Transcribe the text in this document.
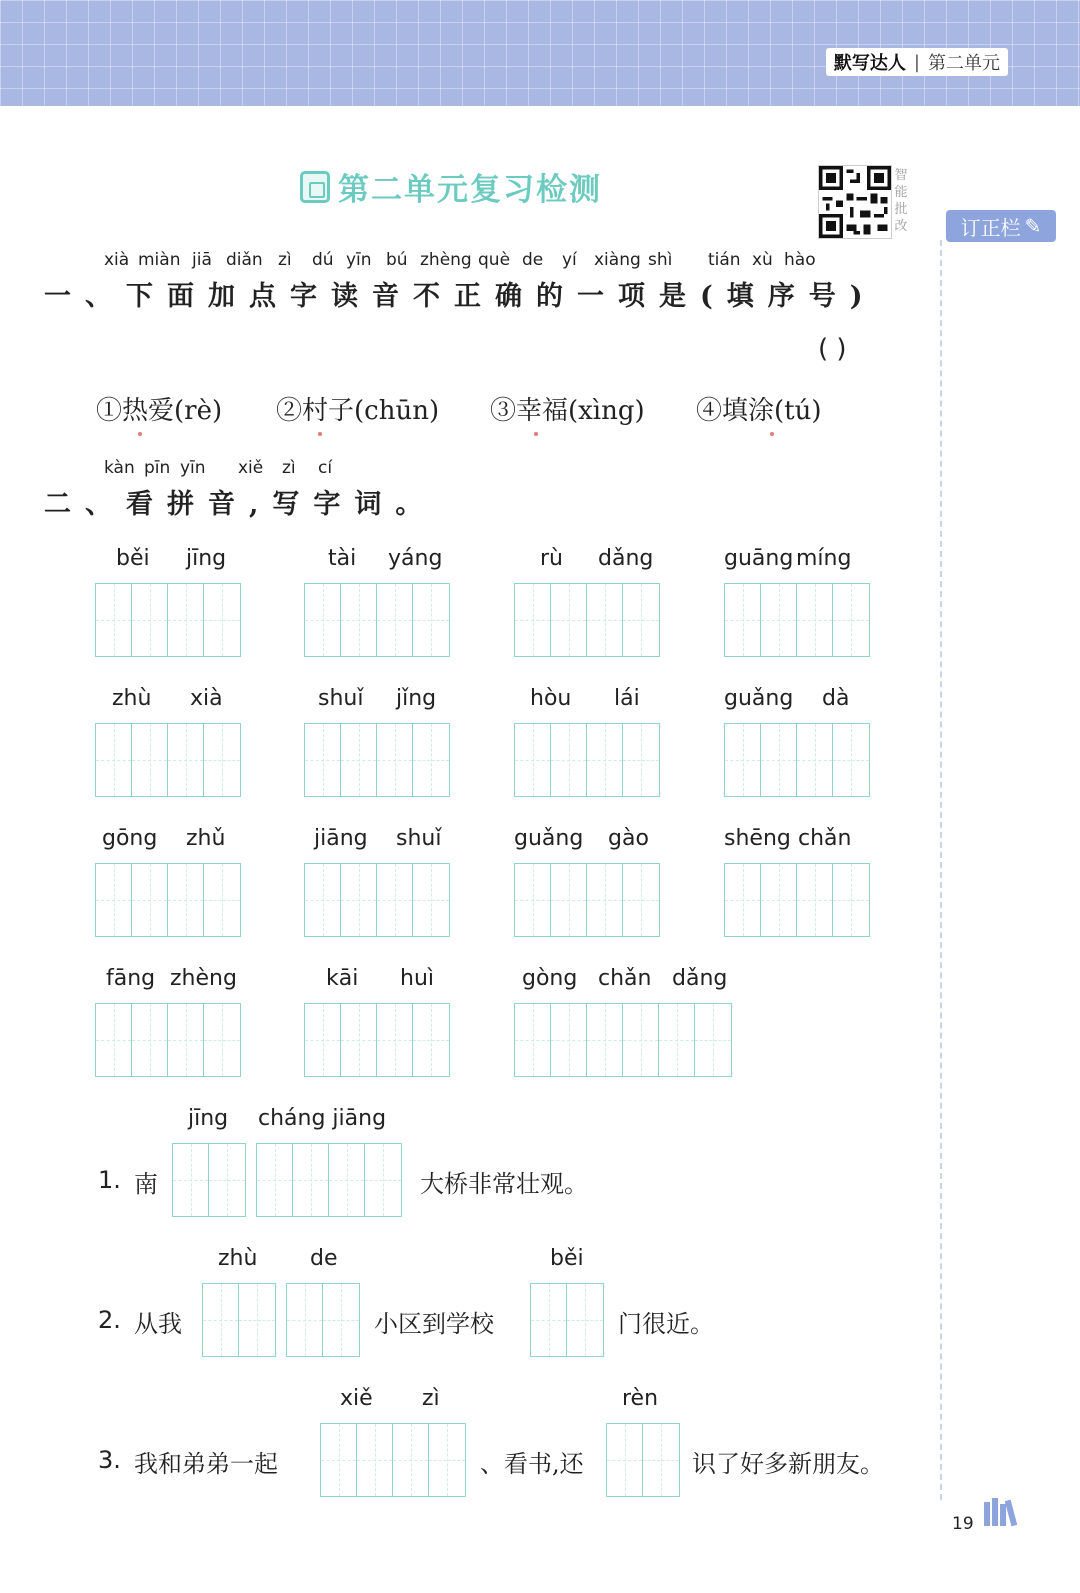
默写达人 | 第二单元
第二单元复习检测	智能批改	订正栏 ✎
xià miàn jiā diǎn zì dú yīn bú zhèng què de yí xiàng shì tián xù hào
一、下面加点字读音不正确的一项是(填序号)
( )
①热爱(rè) ②村子(chūn) ③幸福(xìng) ④填涂(tú)
kàn pīn yīn xiě zì cí
二、看拼音,写字词。
běi jīng	tài yáng	rù dǎng	guāng míng
zhù xià	shuǐ jǐng	hòu lái	guǎng dà
gōng zhǔ	jiāng shuǐ	guǎng gào	shēng chǎn
fāng zhèng	kāi huì	gòng chǎn dǎng
jīng cháng jiāng
1. 南	大桥非常壮观。
zhù de	běi
2. 从我	小区到学校	门很近。
xiě zì	rèn
3. 我和弟弟一起	、看书,还	识了好多新朋友。
19
